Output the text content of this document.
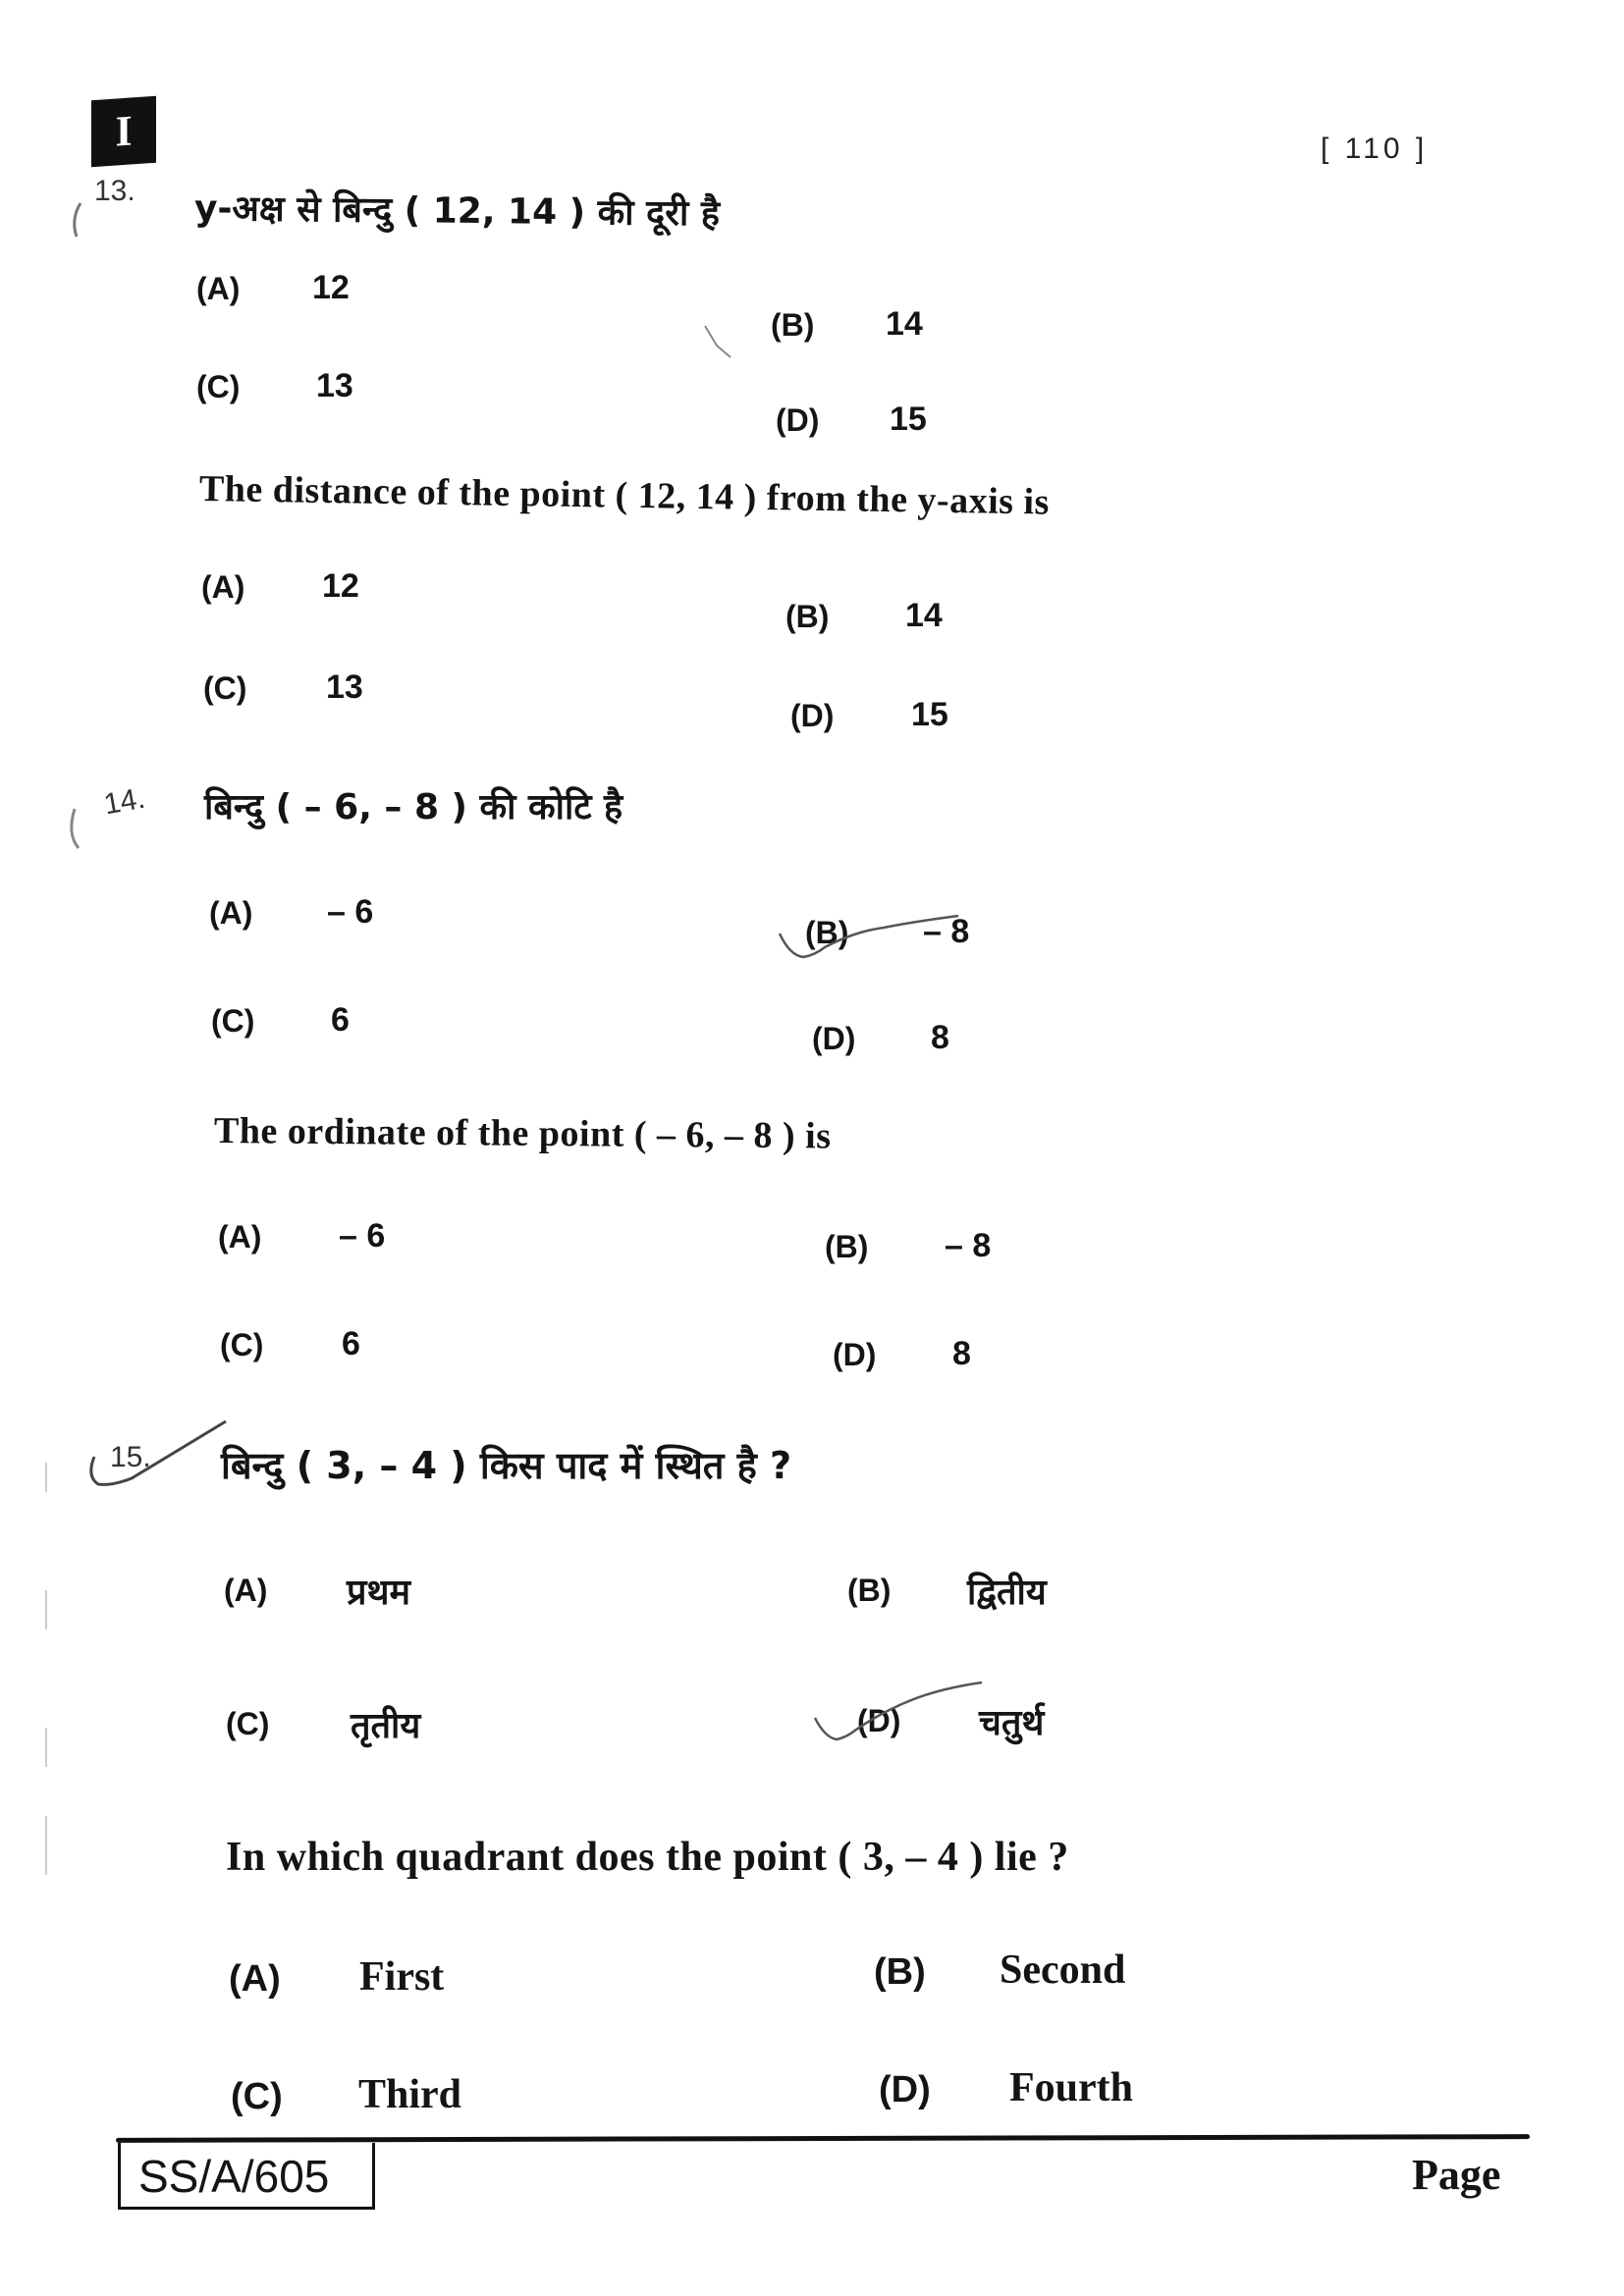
I	[ 110 ]
13. y-अक्ष से बिन्दु ( 12, 14 ) की दूरी है
(A) 12
(B) 14
(C) 13
(D) 15
The distance of the point ( 12, 14 ) from the y-axis is
(A) 12
(B) 14
(C) 13
(D) 15
14. बिन्दु ( – 6, – 8 ) की कोटि है
(A) – 6
(B) – 8
(C) 6	(D) 8
The ordinate of the point ( – 6, – 8 ) is
(A) – 6	(B) – 8
(C) 6	(D) 8
15. बिन्दु ( 3, – 4 ) किस पाद में स्थित है ?
(A) प्रथम	(B) द्वितीय
(C) तृतीय	(D) चतुर्थ
In which quadrant does the point ( 3, – 4 ) lie ?
(A) First	(B) Second
(C) Third	(D) Fourth
SS/A/605	Page
